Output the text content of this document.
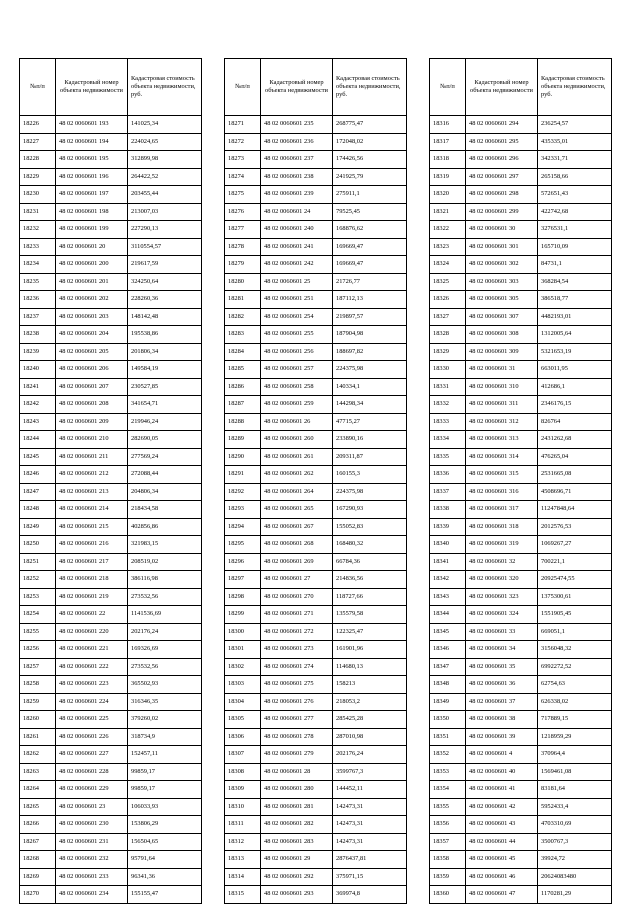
№п/п	Кадастровый номер объекта недвижимости	Кадастровая стоимость объекта недвижимости, руб.
18226	48 02 0060601 193	141025,34
18227	48 02 0060601 194	224024,65
18228	48 02 0060601 195	312899,98
18229	48 02 0060601 196	264422,52
18230	48 02 0060601 197	203455,44
18231	48 02 0060601 198	213007,03
18232	48 02 0060601 199	227290,13
18233	48 02 0060601 20	3110554,57
18234	48 02 0060601 200	219617,59
18235	48 02 0060601 201	324250,64
18236	48 02 0060601 202	228260,36
18237	48 02 0060601 203	148142,48
18238	48 02 0060601 204	195538,86
18239	48 02 0060601 205	201806,34
18240	48 02 0060601 206	149584,19
18241	48 02 0060601 207	230527,85
18242	48 02 0060601 208	341654,71
18243	48 02 0060601 209	219946,24
18244	48 02 0060601 210	282690,05
18245	48 02 0060601 211	277569,24
18246	48 02 0060601 212	272088,44
18247	48 02 0060601 213	204806,34
18248	48 02 0060601 214	218434,58
18249	48 02 0060601 215	402856,86
18250	48 02 0060601 216	321983,15
18251	48 02 0060601 217	208519,02
18252	48 02 0060601 218	386116,98
18253	48 02 0060601 219	273532,56
18254	48 02 0060601 22	1141536,69
18255	48 02 0060601 220	202176,24
18256	48 02 0060601 221	169326,69
18257	48 02 0060601 222	273532,56
18258	48 02 0060601 223	365502,93
18259	48 02 0060601 224	316346,35
18260	48 02 0060601 225	379260,02
18261	48 02 0060601 226	318734,9
18262	48 02 0060601 227	152457,11
18263	48 02 0060601 228	99859,17
18264	48 02 0060601 229	99859,17
18265	48 02 0060601 23	106033,93
18266	48 02 0060601 230	153806,29
18267	48 02 0060601 231	156504,65
18268	48 02 0060601 232	95791,64
18269	48 02 0060601 233	96341,36
18270	48 02 0060601 234	155155,47
№п/п	Кадастровый номер объекта недвижимости	Кадастровая стоимость объекта недвижимости, руб.
18271	48 02 0060601 235	268775,47
18272	48 02 0060601 236	172048,02
18273	48 02 0060601 237	174426,56
18274	48 02 0060601 238	241925,79
18275	48 02 0060601 239	275911,1
18276	48 02 0060601 24	79525,45
18277	48 02 0060601 240	168876,62
18278	48 02 0060601 241	169669,47
18279	48 02 0060601 242	169669,47
18280	48 02 0060601 25	21726,77
18281	48 02 0060601 251	187112,13
18282	48 02 0060601 254	219897,57
18283	48 02 0060601 255	187904,98
18284	48 02 0060601 256	188697,82
18285	48 02 0060601 257	224375,98
18286	48 02 0060601 258	140334,1
18287	48 02 0060601 259	144298,34
18288	48 02 0060601 26	47715,27
18289	48 02 0060601 260	233890,16
18290	48 02 0060601 261	209311,87
18291	48 02 0060601 262	160155,3
18292	48 02 0060601 264	224375,98
18293	48 02 0060601 265	167290,93
18294	48 02 0060601 267	155052,83
18295	48 02 0060601 268	168480,32
18296	48 02 0060601 269	66784,36
18297	48 02 0060601 27	214836,56
18298	48 02 0060601 270	118727,66
18299	48 02 0060601 271	135579,58
18300	48 02 0060601 272	122325,47
18301	48 02 0060601 273	161901,96
18302	48 02 0060601 274	114680,13
18303	48 02 0060601 275	158213
18304	48 02 0060601 276	218053,2
18305	48 02 0060601 277	285425,28
18306	48 02 0060601 278	287010,98
18307	48 02 0060601 279	202176,24
18308	48 02 0060601 28	3599767,3
18309	48 02 0060601 280	144452,11
18310	48 02 0060601 281	142473,31
18311	48 02 0060601 282	142473,31
18312	48 02 0060601 283	142473,31
18313	48 02 0060601 29	2876437,81
18314	48 02 0060601 292	375971,15
18315	48 02 0060601 293	369974,8
№п/п	Кадастровый номер объекта недвижимости	Кадастровая стоимость объекта недвижимости, руб.
18316	48 02 0060601 294	236254,57
18317	48 02 0060601 295	435335,01
18318	48 02 0060601 296	342331,71
18319	48 02 0060601 297	265158,66
18320	48 02 0060601 298	572651,43
18321	48 02 0060601 299	422742,68
18322	48 02 0060601 30	3276531,1
18323	48 02 0060601 301	165710,09
18324	48 02 0060601 302	84731,1
18325	48 02 0060601 303	368284,54
18326	48 02 0060601 305	386518,77
18327	48 02 0060601 307	4482193,01
18328	48 02 0060601 308	1312005,64
18329	48 02 0060601 309	5321653,19
18330	48 02 0060601 31	663011,95
18331	48 02 0060601 310	412686,1
18332	48 02 0060601 311	2346176,15
18333	48 02 0060601 312	826764
18334	48 02 0060601 313	2431262,68
18335	48 02 0060601 314	476265,04
18336	48 02 0060601 315	2531665,08
18337	48 02 0060601 316	4508696,71
18338	48 02 0060601 317	11247848,64
18339	48 02 0060601 318	2012576,53
18340	48 02 0060601 319	1069267,27
18341	48 02 0060601 32	700221,1
18342	48 02 0060601 320	20925474,55
18343	48 02 0060601 323	1375300,61
18344	48 02 0060601 324	1551905,45
18345	48 02 0060601 33	669051,1
18346	48 02 0060601 34	3156048,32
18347	48 02 0060601 35	6992272,52
18348	48 02 0060601 36	62754,63
18349	48 02 0060601 37	626338,02
18350	48 02 0060601 38	717889,15
18351	48 02 0060601 39	1218959,29
18352	48 02 0060601 4	370964,4
18353	48 02 0060601 40	1569461,08
18354	48 02 0060601 41	83181,64
18355	48 02 0060601 42	5952433,4
18356	48 02 0060601 43	4703310,69
18357	48 02 0060601 44	3500767,3
18358	48 02 0060601 45	39924,72
18359	48 02 0060601 46	20624083480
18360	48 02 0060601 47	1170281,29
